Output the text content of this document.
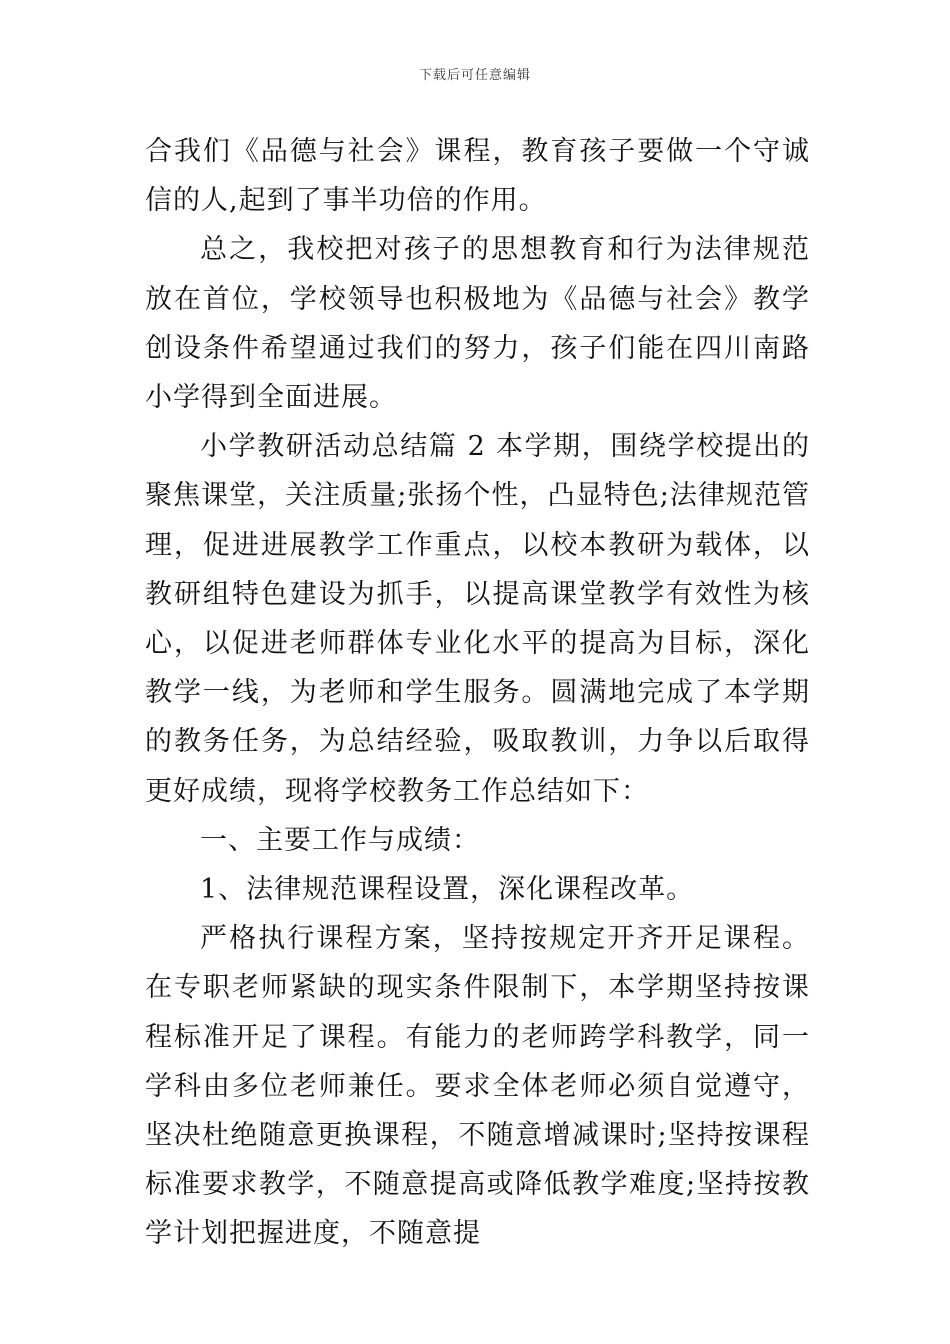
下载后可任意编辑

合我们《品德与社会》课程，教育孩子要做一个守诚信的人,起到了事半功倍的作用。

总之，我校把对孩子的思想教育和行为法律规范放在首位，学校领导也积极地为《品德与社会》教学创设条件希望通过我们的努力，孩子们能在四川南路小学得到全面进展。

小学教研活动总结篇 2 本学期，围绕学校提出的聚焦课堂，关注质量;张扬个性，凸显特色;法律规范管理，促进进展教学工作重点，以校本教研为载体，以教研组特色建设为抓手，以提高课堂教学有效性为核心，以促进老师群体专业化水平的提高为目标，深化教学一线，为老师和学生服务。圆满地完成了本学期的教务任务，为总结经验，吸取教训，力争以后取得更好成绩，现将学校教务工作总结如下：

一、主要工作与成绩：

1、法律规范课程设置，深化课程改革。

严格执行课程方案，坚持按规定开齐开足课程。在专职老师紧缺的现实条件限制下，本学期坚持按课程标准开足了课程。有能力的老师跨学科教学，同一学科由多位老师兼任。要求全体老师必须自觉遵守，坚决杜绝随意更换课程，不随意增减课时;坚持按课程标准要求教学，不随意提高或降低教学难度;坚持按教学计划把握进度，不随意提
